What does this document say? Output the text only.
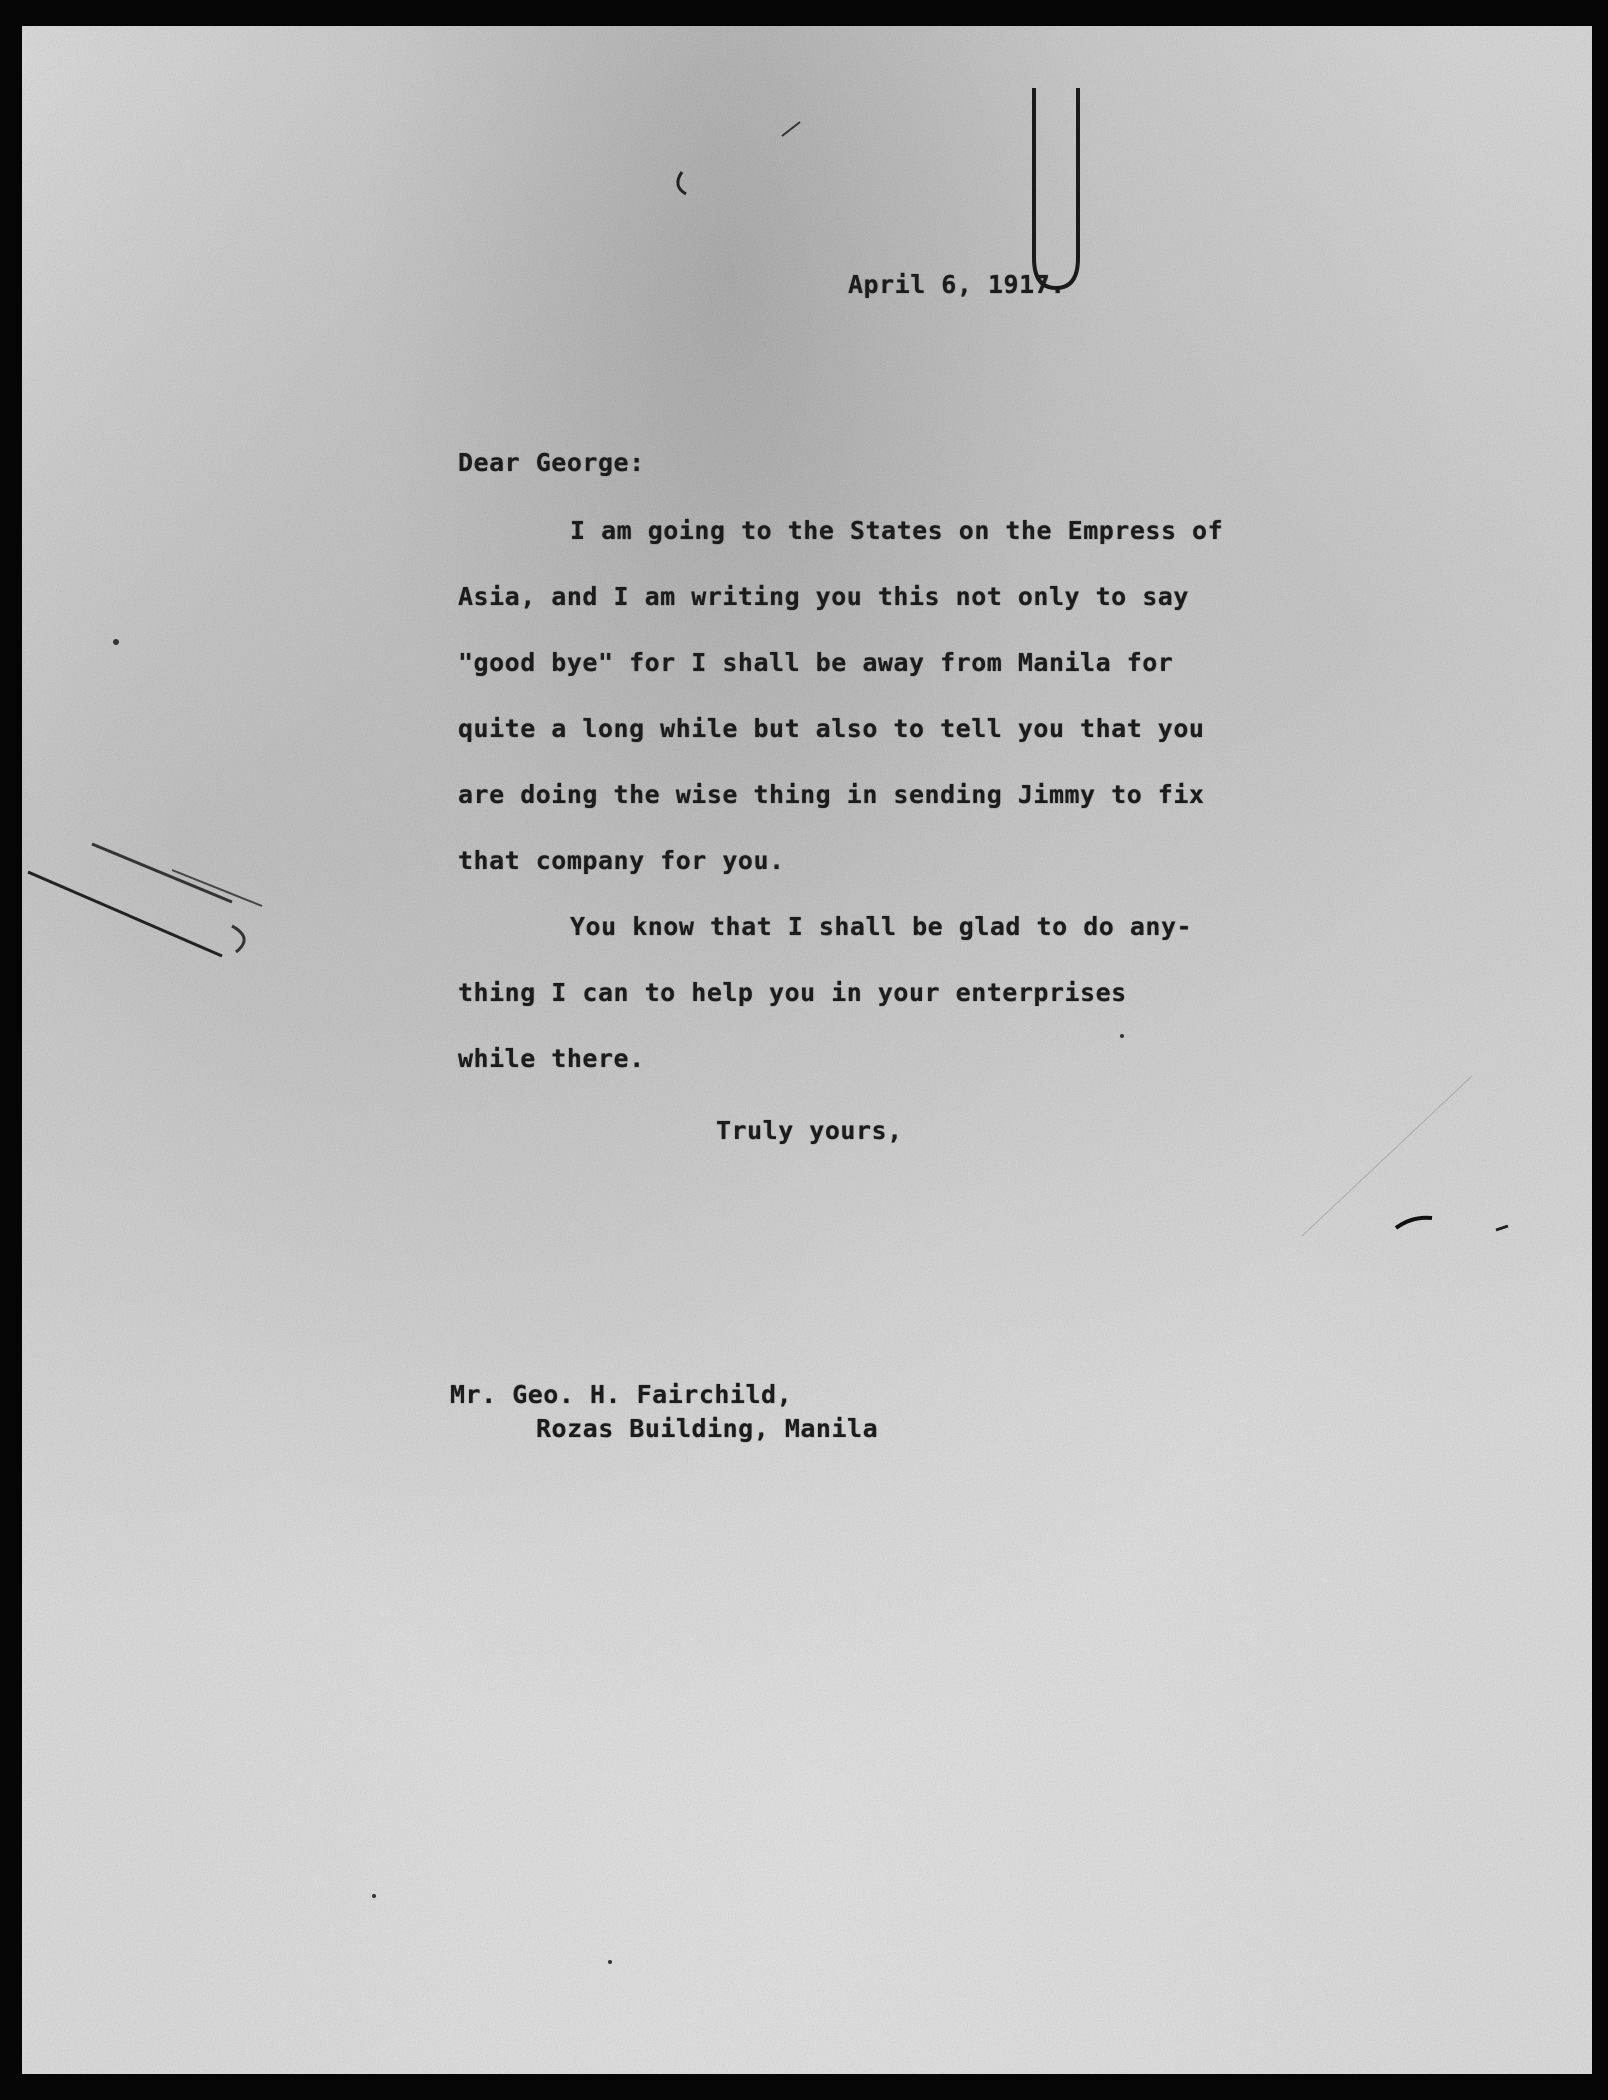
April 6, 1917.
Dear George:
I am going to the States on the Empress of
Asia, and I am writing you this not only to say
"good bye" for I shall be away from Manila for
quite a long while but also to tell you that you
are doing the wise thing in sending Jimmy to fix
that company for you.
You know that I shall be glad to do any-
thing I can to help you in your enterprises
while there.
Truly yours,
Mr. Geo. H. Fairchild,
Rozas Building, Manila
